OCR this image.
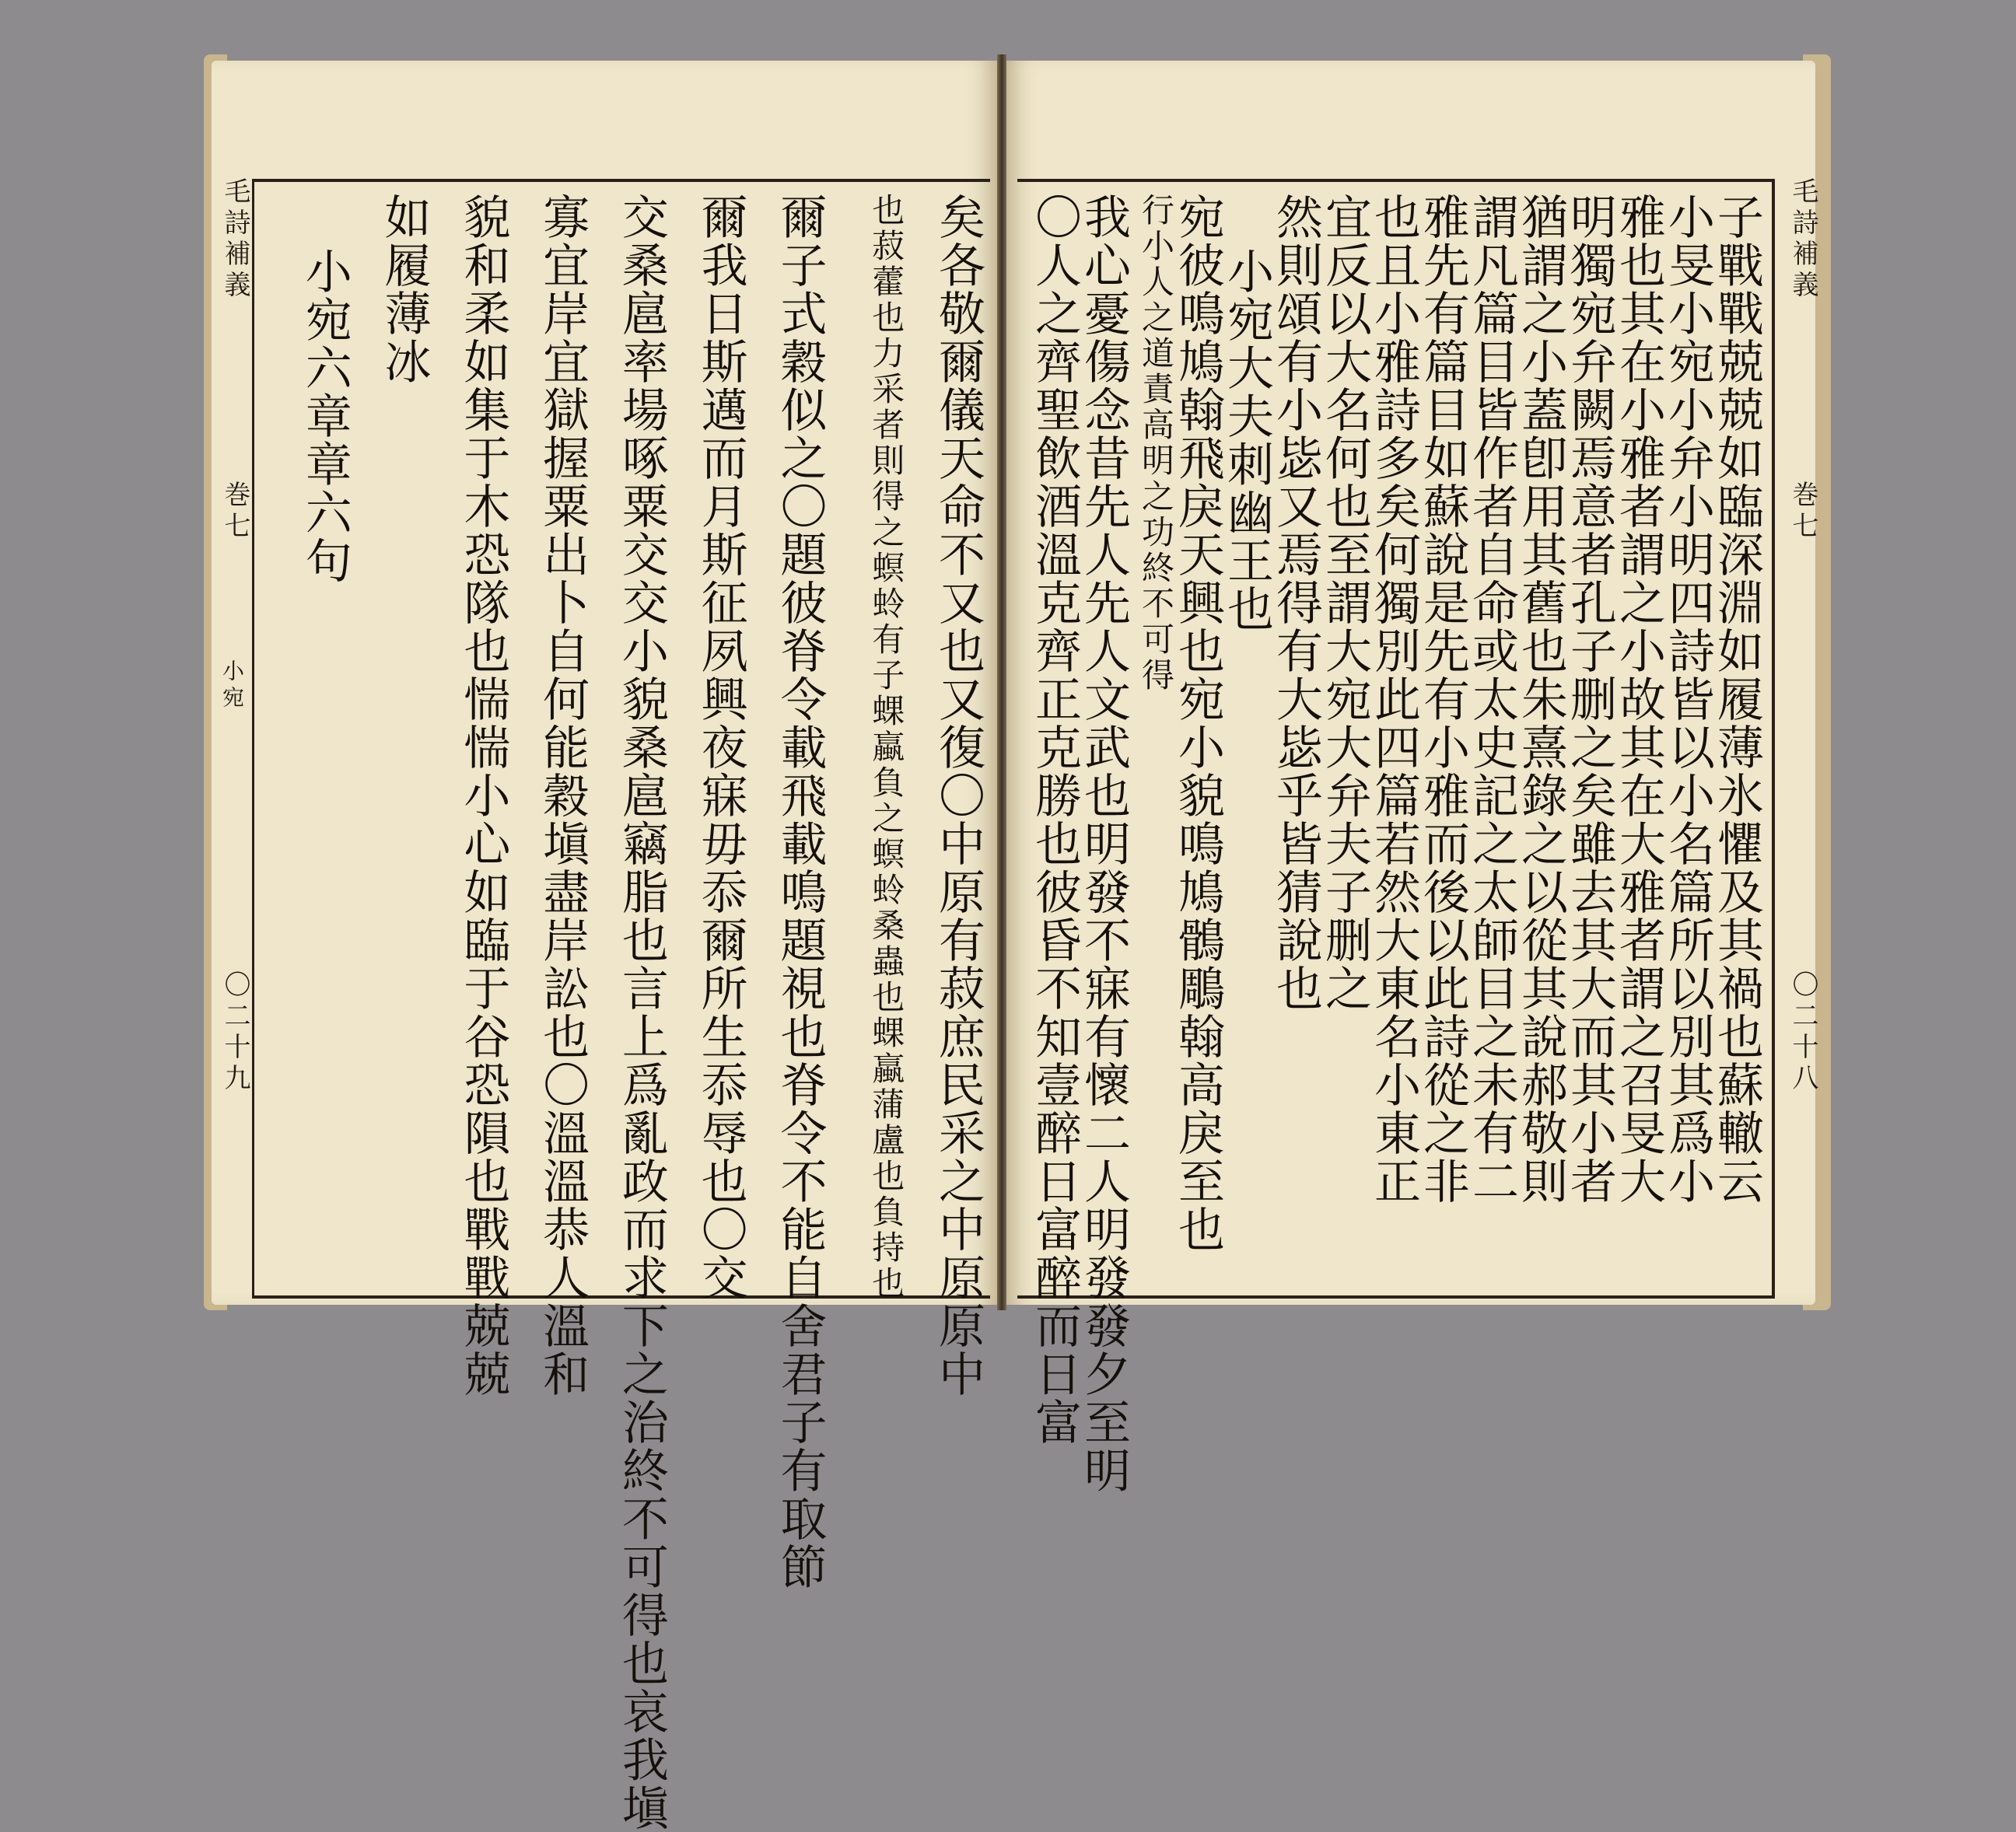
毛詩補義
巻七
小宛
〇二十九	矣各敬爾儀天命不又也又復〇中原有菽庶民采之中原原中
也菽藿也力采者則得之螟蛉有子蜾蠃負之螟蛉桑蟲也蜾蠃蒲盧也負持也
爾子式穀似之〇題彼脊令載飛載鳴題視也脊令不能自舍君子有取節
爾我日斯邁而月斯征夙興夜寐毋忝爾所生忝辱也〇交
交桑扈率場啄粟交交小貌桑扈竊脂也言上爲亂政而求下之治終不可得也哀我塡
寡宜岸宜獄握粟出卜自何能穀塡盡岸訟也〇溫溫恭人溫和
貌和柔如集于木恐隊也惴惴小心如臨于谷恐隕也戰戰兢兢
如履薄冰
小宛六章章六句
毛詩補義
巻七
〇二十八
子戰戰兢兢如臨深淵如履薄氷懼及其禍也蘇轍云
小旻小宛小弁小明四詩皆以小名篇所以別其爲小
雅也其在小雅者謂之小故其在大雅者謂之召旻大
明獨宛弁闕焉意者孔子删之矣雖去其大而其小者
猶謂之小蓋卽用其舊也朱熹錄之以從其說郝敬則
謂凡篇目皆作者自命或太史記之太師目之未有二
雅先有篇目如蘇說是先有小雅而後以此詩從之非
也且小雅詩多矣何獨別此四篇若然大東名小東正
宜反以大名何也至謂大宛大弁夫子删之
然則頌有小毖又焉得有大毖乎皆猜說也
小宛大夫刺幽王也
宛彼鳴鳩翰飛戾天興也宛小貌鳴鳩鶻鵰翰高戾至也
行小人之道責高明之功終不可得
我心憂傷念昔先人先人文武也明發不寐有懷二人明發發夕至明
〇人之齊聖飲酒溫克齊正克勝也彼昏不知壹醉日富醉而日富
